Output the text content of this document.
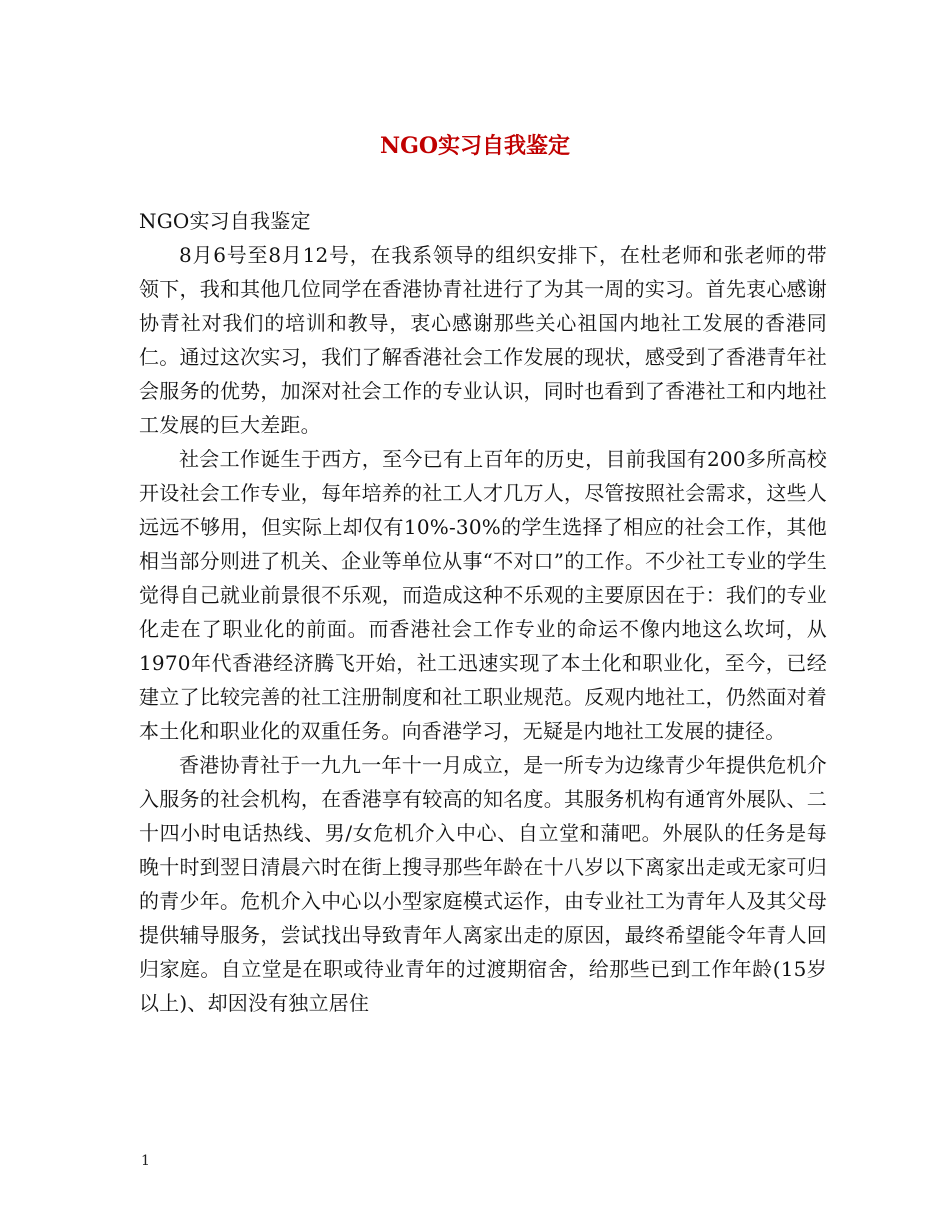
NGO实习自我鉴定

NGO实习自我鉴定

8月6号至8月12号，在我系领导的组织安排下，在杜老师和张老师的带领下，我和其他几位同学在香港协青社进行了为其一周的实习。首先衷心感谢协青社对我们的培训和教导，衷心感谢那些关心祖国内地社工发展的香港同仁。通过这次实习，我们了解香港社会工作发展的现状，感受到了香港青年社会服务的优势，加深对社会工作的专业认识，同时也看到了香港社工和内地社工发展的巨大差距。

社会工作诞生于西方，至今已有上百年的历史，目前我国有200多所高校开设社会工作专业，每年培养的社工人才几万人，尽管按照社会需求，这些人远远不够用，但实际上却仅有10%-30%的学生选择了相应的社会工作，其他相当部分则进了机关、企业等单位从事“不对口”的工作。不少社工专业的学生觉得自己就业前景很不乐观，而造成这种不乐观的主要原因在于：我们的专业化走在了职业化的前面。而香港社会工作专业的命运不像内地这么坎坷，从1970年代香港经济腾飞开始，社工迅速实现了本土化和职业化，至今，已经建立了比较完善的社工注册制度和社工职业规范。反观内地社工，仍然面对着本土化和职业化的双重任务。向香港学习，无疑是内地社工发展的捷径。

香港协青社于一九九一年十一月成立，是一所专为边缘青少年提供危机介入服务的社会机构，在香港享有较高的知名度。其服务机构有通宵外展队、二十四小时电话热线、男/女危机介入中心、自立堂和蒲吧。外展队的任务是每晚十时到翌日清晨六时在街上搜寻那些年龄在十八岁以下离家出走或无家可归的青少年。危机介入中心以小型家庭模式运作，由专业社工为青年人及其父母提供辅导服务，尝试找出导致青年人离家出走的原因，最终希望能令年青人回归家庭。自立堂是在职或待业青年的过渡期宿舍，给那些已到工作年龄(15岁以上)、却因没有独立居住

1
